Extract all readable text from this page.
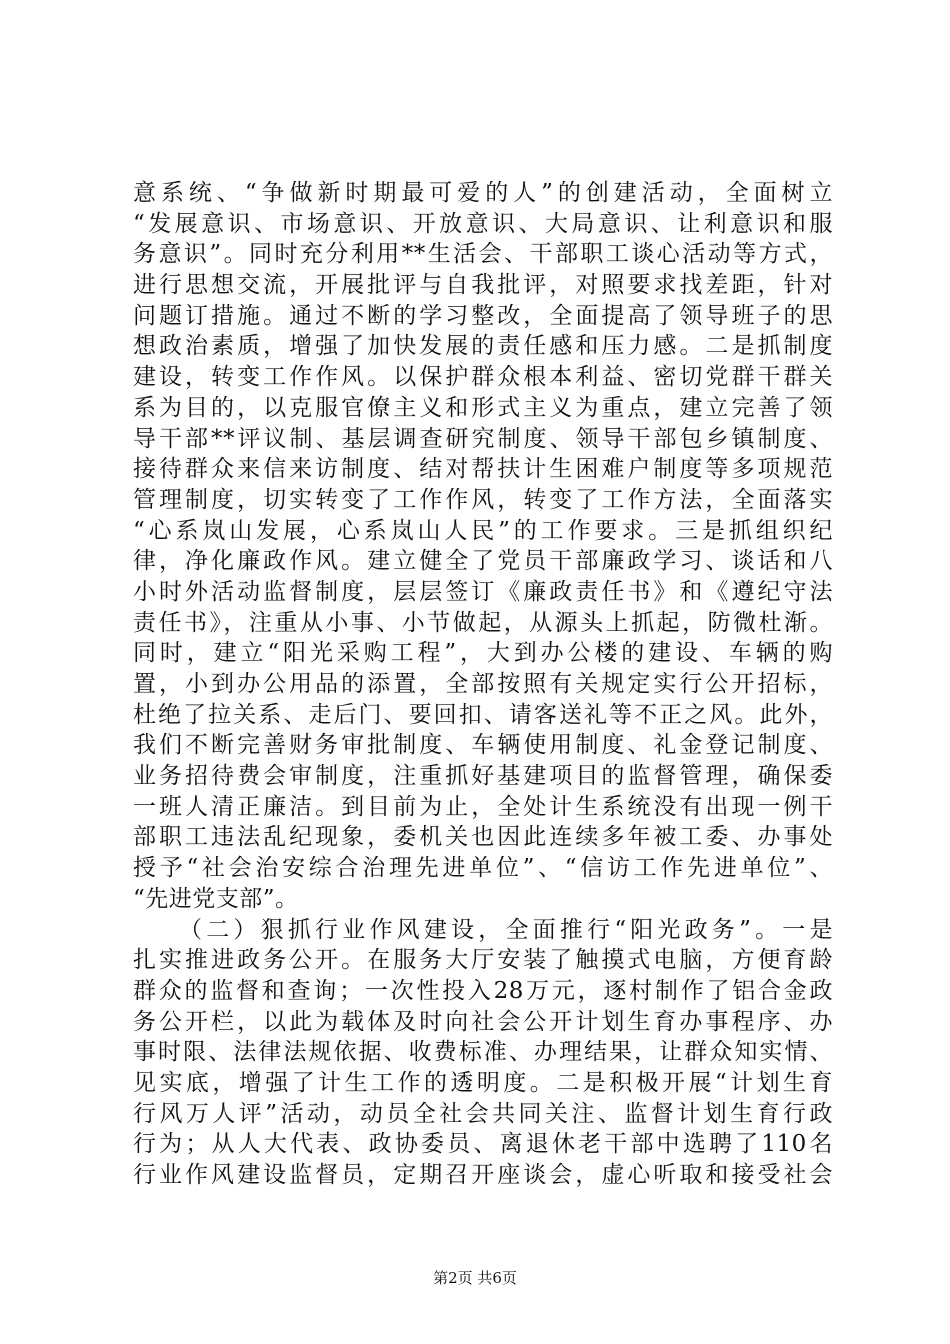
意系统、“争做新时期最可爱的人”的创建活动，全面树立
“发展意识、市场意识、开放意识、大局意识、让利意识和服
务意识”。同时充分利用**生活会、干部职工谈心活动等方式，
进行思想交流，开展批评与自我批评，对照要求找差距，针对
问题订措施。通过不断的学习整改，全面提高了领导班子的思
想政治素质，增强了加快发展的责任感和压力感。二是抓制度
建设，转变工作作风。以保护群众根本利益、密切党群干群关
系为目的，以克服官僚主义和形式主义为重点，建立完善了领
导干部**评议制、基层调查研究制度、领导干部包乡镇制度、
接待群众来信来访制度、结对帮扶计生困难户制度等多项规范
管理制度，切实转变了工作作风，转变了工作方法，全面落实
“心系岚山发展，心系岚山人民”的工作要求。三是抓组织纪
律，净化廉政作风。建立健全了党员干部廉政学习、谈话和八
小时外活动监督制度，层层签订《廉政责任书》和《遵纪守法
责任书》，注重从小事、小节做起，从源头上抓起，防微杜渐。
同时，建立“阳光采购工程”，大到办公楼的建设、车辆的购
置，小到办公用品的添置，全部按照有关规定实行公开招标，
杜绝了拉关系、走后门、要回扣、请客送礼等不正之风。此外，
我们不断完善财务审批制度、车辆使用制度、礼金登记制度、
业务招待费会审制度，注重抓好基建项目的监督管理，确保委
一班人清正廉洁。到目前为止，全处计生系统没有出现一例干
部职工违法乱纪现象，委机关也因此连续多年被工委、办事处
授予“社会治安综合治理先进单位”、“信访工作先进单位”、
“先进党支部”。
（二）狠抓行业作风建设，全面推行“阳光政务”。一是
扎实推进政务公开。在服务大厅安装了触摸式电脑，方便育龄
群众的监督和查询；一次性投入28万元，逐村制作了铝合金政
务公开栏，以此为载体及时向社会公开计划生育办事程序、办
事时限、法律法规依据、收费标准、办理结果，让群众知实情、
见实底，增强了计生工作的透明度。二是积极开展“计划生育
行风万人评”活动，动员全社会共同关注、监督计划生育行政
行为；从人大代表、政协委员、离退休老干部中选聘了110名
行业作风建设监督员，定期召开座谈会，虚心听取和接受社会
第2页 共6页
